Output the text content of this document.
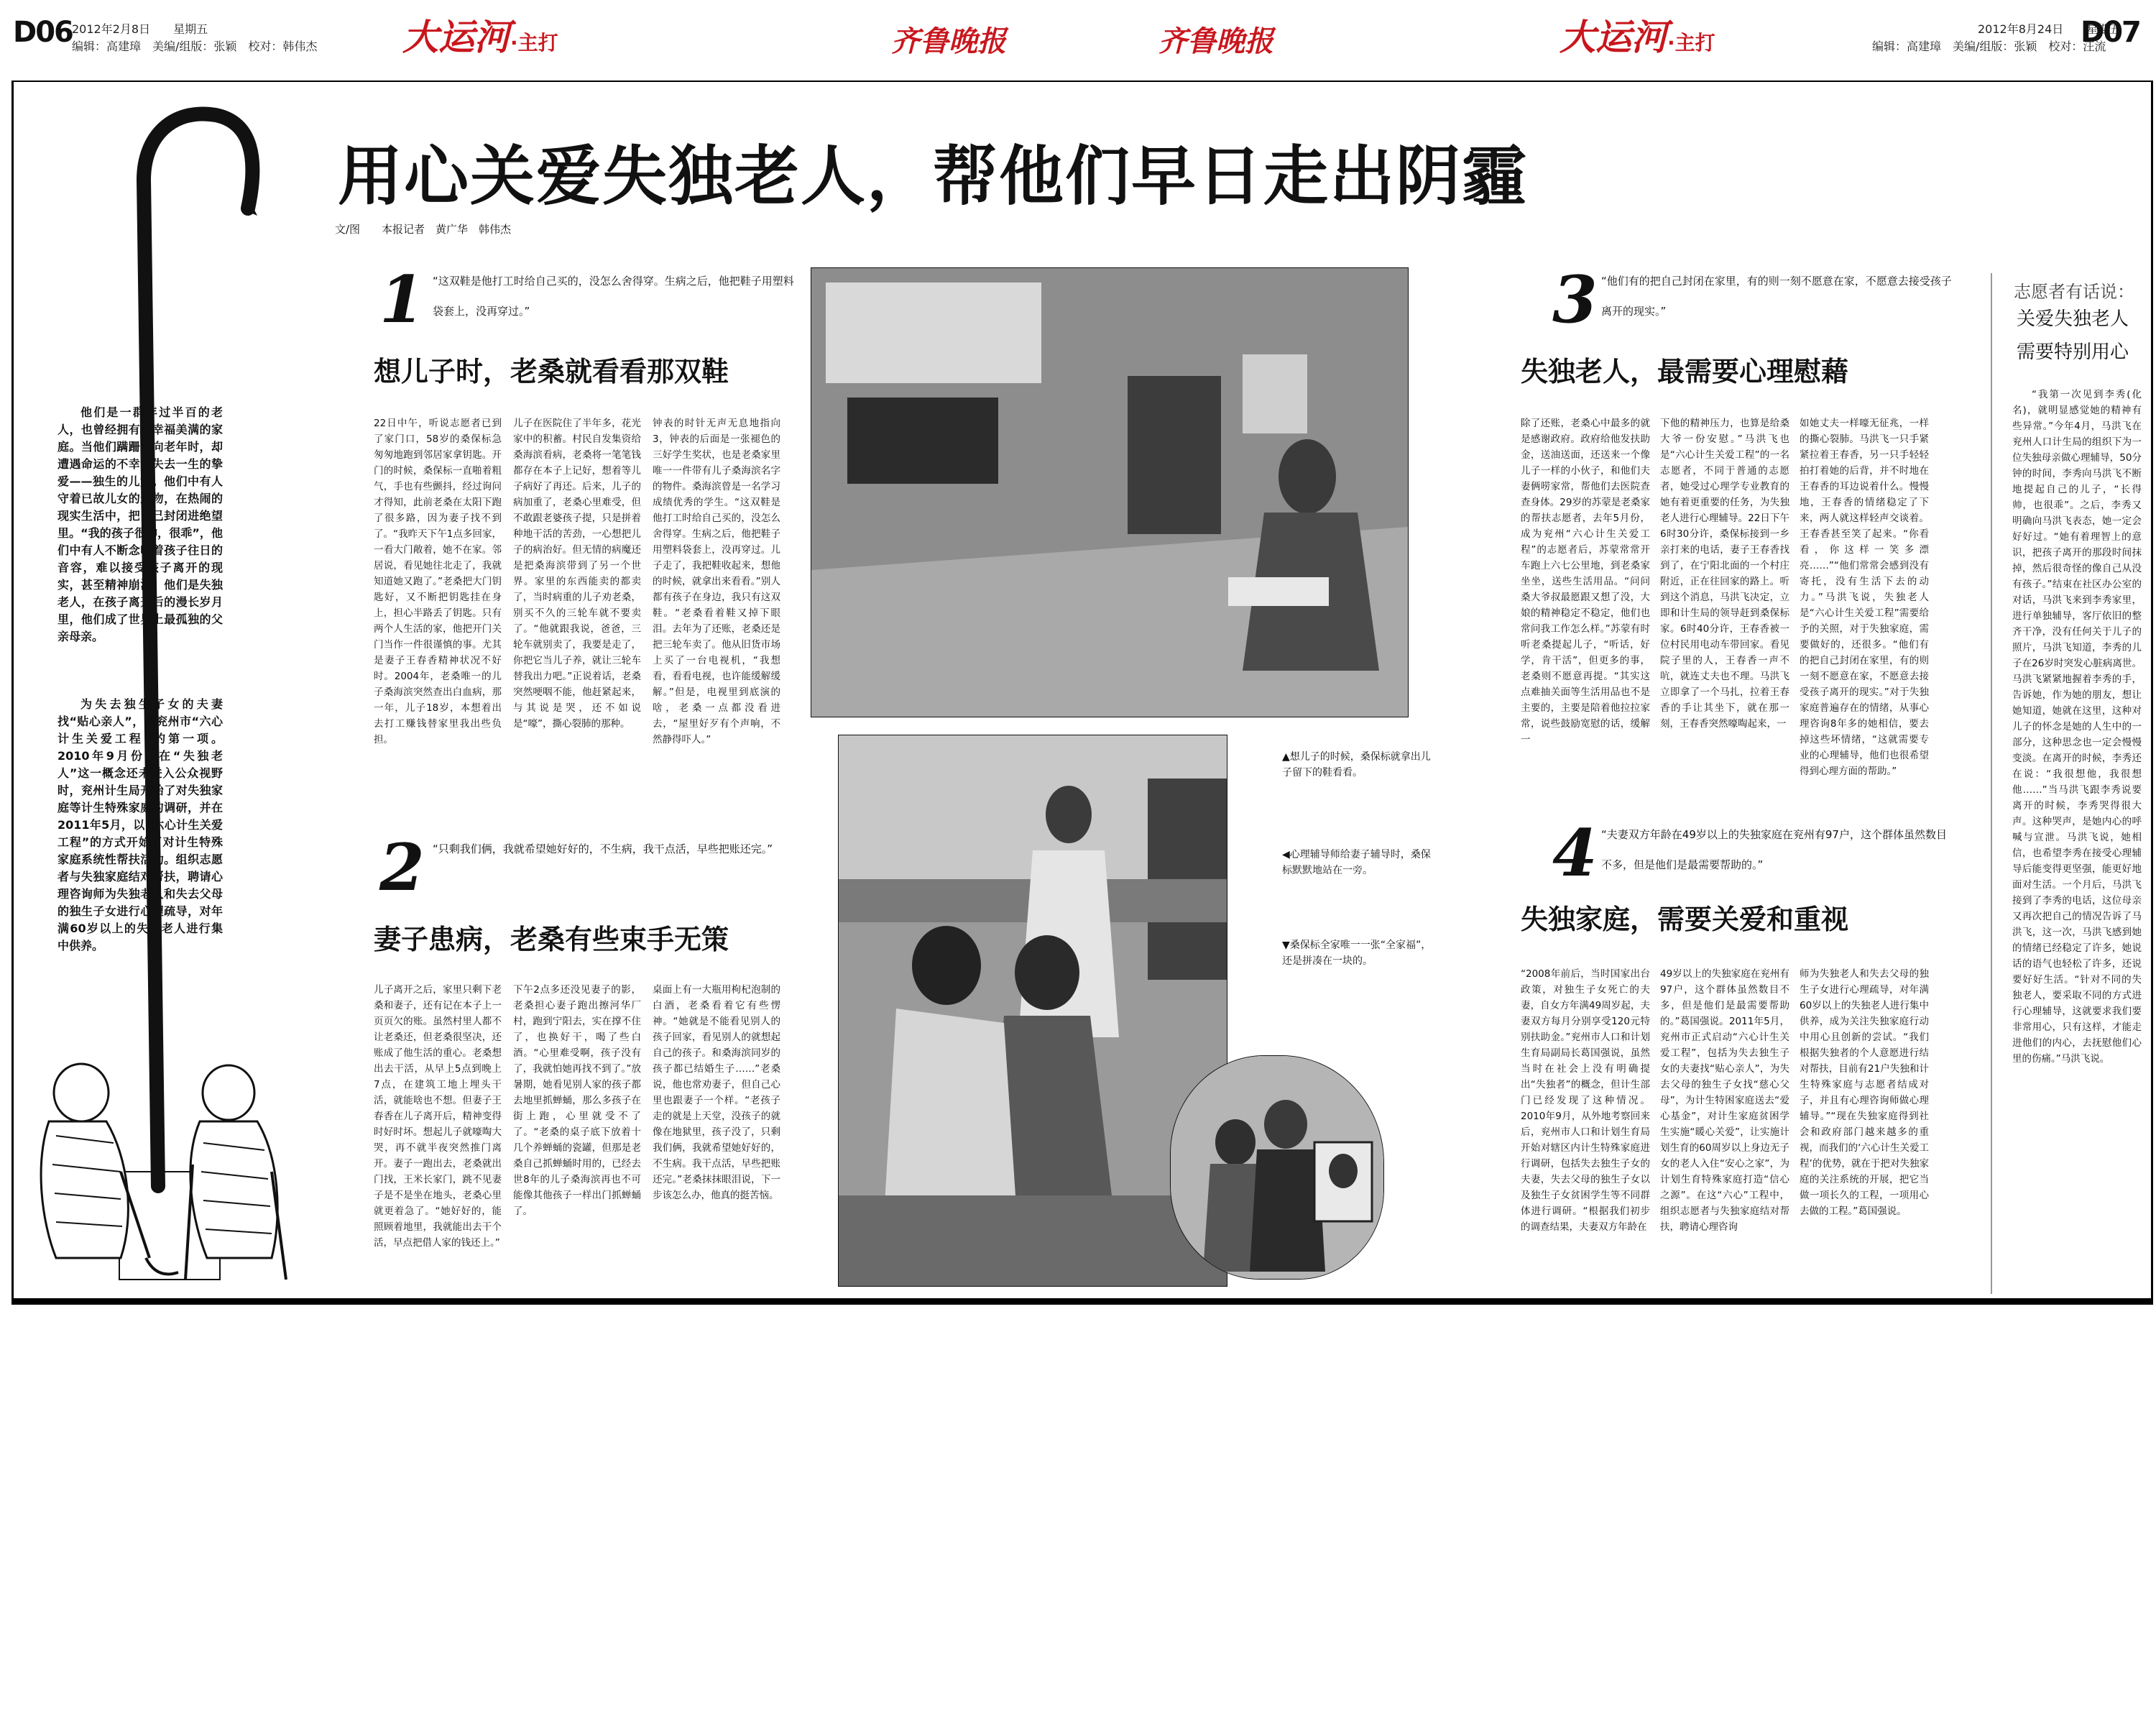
D06 2012年2月8日　　星期五
编辑：高建璋　美编/组版：张颖　校对：韩伟杰 大运河·主打	齐鲁晚报	齐鲁晚报	大运河·主打
2012年8月24日　　星期五
编辑：高建璋　美编/组版：张颖　校对：汪流
D07
他们是一群年过半百的老人，也曾经拥有过幸福美满的家庭。当他们蹒跚走向老年时，却遭遇命运的不幸，失去一生的挚爱——独生的儿女。他们中有人守着已故儿女的遗物，在热闹的现实生活中，把自己封闭进绝望里。“我的孩子很帅，很乖”，他们中有人不断念叨着孩子往日的音容，难以接受孩子离开的现实，甚至精神崩溃。他们是失独老人，在孩子离开后的漫长岁月里，他们成了世界上最孤独的父亲母亲。
为失去独生子女的夫妻找“贴心亲人”，是兖州市“六心计生关爱工程”的第一项。2010年9月份，在“失独老人”这一概念还未进入公众视野时，兖州计生局开始了对失独家庭等计生特殊家庭的调研，并在2011年5月，以“六心计生关爱工程”的方式开始了对计生特殊家庭系统性帮扶活动。组织志愿者与失独家庭结对帮扶，聘请心理咨询师为失独老人和失去父母的独生子女进行心理疏导，对年满60岁以上的失独老人进行集中供养。
用心关爱失独老人，帮他们早日走出阴霾
文/图　　本报记者　黄广华　韩伟杰
1 “这双鞋是他打工时给自己买的，没怎么舍得穿。生病之后，他把鞋子用塑料袋套上，没再穿过。”
想儿子时，老桑就看看那双鞋
22日中午，听说志愿者已到了家门口，58岁的桑保标急匆匆地跑到邻居家拿钥匙。开门的时候，桑保标一直啪着粗气，手也有些颤抖，经过询问才得知，此前老桑在太阳下跑了很多路，因为妻子找不到了。“我昨天下午1点多回家，一看大门敞着，她不在家。邻居说，看见她往北走了，我就知道她又跑了。”老桑把大门钥匙好，又不断把钥匙挂在身上，担心半路丢了钥匙。只有两个人生活的家，他把开门关门当作一件很谨慎的事。尤其是妻子王春香精神状况不好时。2004年，老桑唯一的儿子桑海滨突然查出白血病，那一年，儿子18岁，本想着出去打工赚钱替家里我出些负担。
儿子在医院住了半年多，花光家中的积蓄。村民自发集资给桑海滨看病，老桑将一笔笔钱都存在本子上记好，想着等儿子病好了再还。后来，儿子的病加重了，老桑心里难受，但不敢跟老婆孩子提，只是拼着种地干活的苦劲，一心想把儿子的病治好。但无情的病魔还是把桑海滨带到了另一个世界。家里的东西能卖的都卖了，当时病重的儿子劝老桑，别买不久的三轮车就不要卖了。“他就跟我说，爸爸，三轮车就别卖了，我要是走了，你把它当儿子养，就让三轮车替我出力吧。”正说着话，老桑突然哽咽不能，他赶紧起来，与其说是哭，还不如说是“嚎”，撕心裂肺的那种。
钟表的时针无声无息地指向3，钟表的后面是一张褪色的三好学生奖状，也是老桑家里唯一一件带有儿子桑海滨名字的物件。桑海滨曾是一名学习成绩优秀的学生。“这双鞋是他打工时给自己买的，没怎么舍得穿。生病之后，他把鞋子用塑料袋套上，没再穿过。儿子走了，我把鞋收起来，想他的时候，就拿出来看看。”别人都有孩子在身边，我只有这双鞋。“老桑看着鞋又掉下眼泪。去年为了还账，老桑还是把三轮车卖了。他从旧货市场上买了一台电视机，“我想看，看看电视，也许能缓解缓解。”但是，电视里到底演的啥，老桑一点都没看进去，“屋里好歹有个声响，不然静得吓人。”
2 “只剩我们俩，我就希望她好好的，不生病，我干点活，早些把账还完。”
妻子患病，老桑有些束手无策
儿子离开之后，家里只剩下老桑和妻子，还有记在本子上一页页欠的账。虽然村里人都不让老桑还，但老桑很坚决，还账成了他生活的重心。老桑想出去干活，从早上5点到晚上7点，在建筑工地上埋头干活，就能啥也不想。但妻子王春香在儿子离开后，精神变得时好时坏。想起儿子就嚎啕大哭，再不就半夜突然推门离开。妻子一跑出去，老桑就出门找，王米长家门，跳不见妻子是不是坐在地头，老桑心里就更着急了。“她好好的，能照顾着地里，我就能出去干个活，早点把借人家的钱还上。”
下午2点多还没见妻子的影，老桑担心妻子跑出擦河华厂村，跑到宁阳去，实在撑不住了，也换好干，喝了些白酒。“心里难受啊，孩子没有了，我就怕她再找不到了。”放暑期，她看见别人家的孩子都去地里抓蝉蛹，那么多孩子在街上跑，心里就受不了了。“老桑的桌子底下放着十几个养蝉蛹的瓷罐，但那是老桑自己抓蝉蛹时用的，已经去世8年的儿子桑海滨再也不可能像其他孩子一样出门抓蝉蛹了。
桌面上有一大瓶用枸杞泡制的白酒，老桑看着它有些愣神。“她就是不能看见别人的孩子回家，看见别人的就想起自己的孩子。和桑海滨同岁的孩子都已结婚生子……”老桑说，他也常劝妻子，但自己心里也跟妻子一个样。“老孩子走的就是上天堂，没孩子的就像在地狱里，孩子没了，只剩我们俩，我就希望她好好的，不生病。我干点活，早些把账还完。”老桑抹抹眼泪说，下一步该怎么办，他真的挺苦恼。
▲想儿子的时候，桑保标就拿出儿子留下的鞋看看。
◀心理辅导师给妻子辅导时，桑保标默默地站在一旁。
▼桑保标全家唯一一张“全家福”，还是拼凑在一块的。
3 “他们有的把自己封闭在家里，有的则一刻不愿意在家，不愿意去接受孩子离开的现实。”
失独老人，最需要心理慰藉
除了还账，老桑心中最多的就是感谢政府。政府给他发扶助金，送油送面，还送来一个像儿子一样的小伙子，和他们夫妻俩唠家常，帮他们去医院查查身体。29岁的苏蒙是老桑家的帮扶志愿者，去年5月份，成为兖州“六心计生关爱工程”的志愿者后，苏蒙常常开车跑上六七公里地，到老桑家坐坐，送些生活用品。“问问桑大爷叔最愿跟又想了没，大娘的精神稳定不稳定，他们也常问我工作怎么样。”苏蒙有时听老桑提起儿子，“听话，好学，肯干活”，但更多的事，老桑则不愿意再提。“其实这点难抽关面等生活用品也不是主要的，主要是陪着他拉拉家常，说些鼓励宽慰的话，缓解一
下他的精神压力，也算是给桑大爷一份安慰。”马洪飞也是“六心计生关爱工程”的一名志愿者，不同于普通的志愿者，她受过心理学专业教育的她有着更重要的任务，为失独老人进行心理辅导。22日下午6时30分许，桑保标接到一乡亲打来的电话，妻子王春香找到了，在宁阳北面的一个村庄附近，正在往回家的路上。听到这个消息，马洪飞决定，立即和计生局的领导赶到桑保标家。6时40分许，王春香被一位村民用电动车带回家。看见院子里的人，王春香一声不吭，就连丈夫也不理。马洪飞立即拿了一个马扎，拉着王春香的手让其坐下，就在那一刻，王春香突然嚎啕起来，一
如她丈夫一样嚎无征兆，一样的撕心裂肺。马洪飞一只手紧紧拉着王春香，另一只手轻轻拍打着她的后背，并不时地在王春香的耳边说着什么。慢慢地，王春香的情绪稳定了下来，两人就这样轻声交谈着。王春香甚至笑了起来。“你看看，你这样一笑多漂亮……”“他们常常会感到没有寄托，没有生活下去的动力。”马洪飞说，失独老人是“六心计生关爱工程”需要给予的关照，对于失独家庭，需要做好的，还很多。“他们有的把自己封闭在家里，有的则一刻不愿意在家，不愿意去接受孩子离开的现实。”对于失独家庭普遍存在的情绪，从事心理咨询8年多的她相信，要去掉这些坏情绪，“这就需要专业的心理辅导，他们也很希望得到心理方面的帮助。”
4 “夫妻双方年龄在49岁以上的失独家庭在兖州有97户，这个群体虽然数目不多，但是他们是最需要帮助的。”
失独家庭，需要关爱和重视
“2008年前后，当时国家出台政策，对独生子女死亡的夫妻，自女方年满49周岁起，夫妻双方每月分别享受120元特别扶助金。”兖州市人口和计划生育局副局长葛国强说，虽然当时在社会上没有明确提出“失独者”的概念，但计生部门已经发现了这种情况。2010年9月，从外地考察回来后，兖州市人口和计划生育局开始对辖区内计生特殊家庭进行调研，包括失去独生子女的夫妻，失去父母的独生子女以及独生子女贫困学生等不同群体进行调研。“根据我们初步的调查结果，夫妻双方年龄在
49岁以上的失独家庭在兖州有97户，这个群体虽然数目不多，但是他们是最需要帮助的。”葛国强说。2011年5月，兖州市正式启动“六心计生关爱工程”，包括为失去独生子女的夫妻找“贴心亲人”，为失去父母的独生子女找“慈心父母”，为计生特困家庭送去“爱心基金”，对计生家庭贫困学生实施“暖心关爱”，让实施计划生育的60周岁以上身边无子女的老人入住“安心之家”，为计划生育特殊家庭打造“信心之源”。在这“六心”工程中，组织志愿者与失独家庭结对帮扶，聘请心理咨询
师为失独老人和失去父母的独生子女进行心理疏导，对年满60岁以上的失独老人进行集中供养，成为关注失独家庭行动中用心且创新的尝试。“我们根据失独者的个人意愿进行结对帮扶，目前有21户失独和计生特殊家庭与志愿者结成对子，并且有心理咨询师做心理辅导。”“现在失独家庭得到社会和政府部门越来越多的重视，而我们的‘六心计生关爱工程’的优势，就在于把对失独家庭的关注系统的开展，把它当做一项长久的工程，一项用心去做的工程。”葛国强说。
志愿者有话说：
关爱失独老人
需要特别用心
“我第一次见到李秀(化名)，就明显感觉她的精神有些异常。”今年4月，马洪飞在兖州人口计生局的组织下为一位失独母亲做心理辅导，50分钟的时间，李秀向马洪飞不断地提起自己的儿子，“长得帅，也很乖”。之后，李秀又明确向马洪飞表态，她一定会好好过。“她有着理智上的意识，把孩子离开的那段时间抹掉，然后很奇怪的像自己从没有孩子。”结束在社区办公室的对话，马洪飞来到李秀家里，进行单独辅导，客厅依旧的整齐干净，没有任何关于儿子的照片，马洪飞知道，李秀的儿子在26岁时突发心脏病离世。马洪飞紧紧地握着李秀的手，告诉她，作为她的朋友，想让她知道，她就在这里，这种对儿子的怀念是她的人生中的一部分，这种思念也一定会慢慢变淡。在离开的时候，李秀还在说：“我很想他，我很想他……”当马洪飞跟李秀说要离开的时候，李秀哭得很大声。这种哭声，是她内心的呼喊与宣泄。马洪飞说，她相信，也希望李秀在接受心理辅导后能变得更坚强，能更好地面对生活。一个月后，马洪飞接到了李秀的电话，这位母亲又再次把自己的情况告诉了马洪飞，这一次，马洪飞感到她的情绪已经稳定了许多，她说话的语气也轻松了许多，还说要好好生活。“针对不同的失独老人，要采取不同的方式进行心理辅导，这就要求我们要非常用心，只有这样，才能走进他们的内心，去抚慰他们心里的伤痛。”马洪飞说。
